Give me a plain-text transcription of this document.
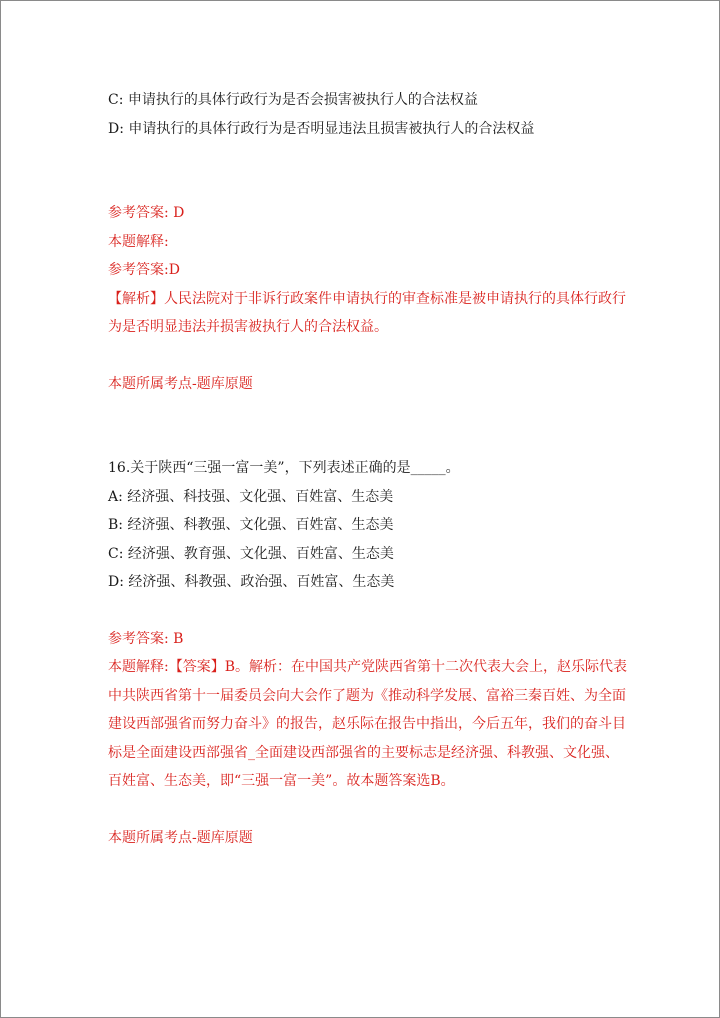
C: 申请执行的具体行政行为是否会损害被执行人的合法权益
D: 申请执行的具体行政行为是否明显违法且损害被执行人的合法权益
参考答案: D
本题解释:
参考答案:D
【解析】人民法院对于非诉行政案件申请执行的审查标准是被申请执行的具体行政行为是否明显违法并损害被执行人的合法权益。
本题所属考点-题库原题
16.关于陕西“三强一富一美”，下列表述正确的是_____。
A: 经济强、科技强、文化强、百姓富、生态美
B: 经济强、科教强、文化强、百姓富、生态美
C: 经济强、教育强、文化强、百姓富、生态美
D: 经济强、科教强、政治强、百姓富、生态美
参考答案: B
本题解释:【答案】B。解析：在中国共产党陕西省第十二次代表大会上，赵乐际代表中共陕西省第十一届委员会向大会作了题为《推动科学发展、富裕三秦百姓、为全面建设西部强省而努力奋斗》的报告，赵乐际在报告中指出，今后五年，我们的奋斗目标是全面建设西部强省_全面建设西部强省的主要标志是经济强、科教强、文化强、百姓富、生态美，即“三强一富一美”。故本题答案选B。
本题所属考点-题库原题
